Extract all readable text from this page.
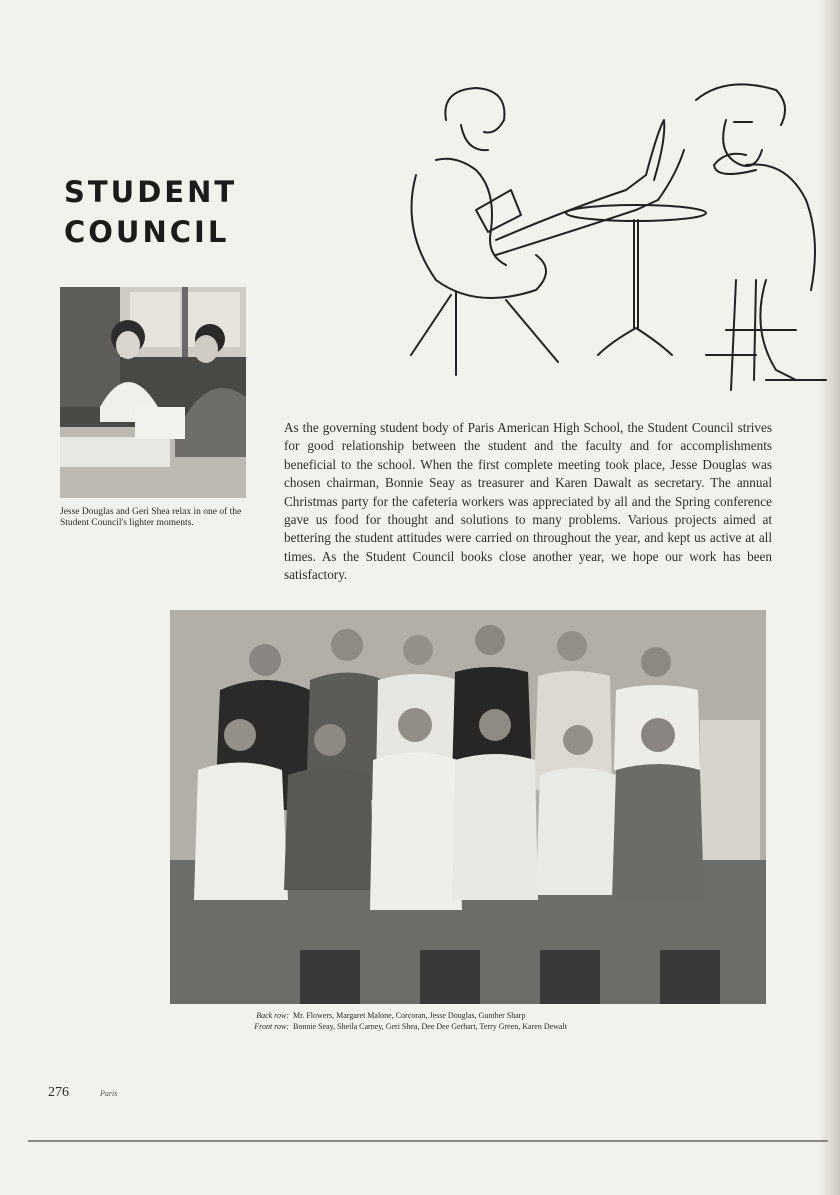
STUDENT
COUNCIL
Jesse Douglas and Geri Shea relax in one of the Student Council's lighter moments.
As the governing student body of Paris American High School, the Student Council strives for good relationship between the student and the faculty and for accomplishments beneficial to the school. When the first complete meeting took place, Jesse Douglas was chosen chairman, Bonnie Seay as treasurer and Karen Dawalt as secretary. The annual Christmas party for the cafeteria workers was appreciated by all and the Spring conference gave us food for thought and solutions to many problems. Various projects aimed at bettering the student attitudes were carried on throughout the year, and kept us active at all times. As the Student Council books close another year, we hope our work has been satisfactory.
Back row: Mr. Flowers, Margaret Malone, Corcoran, Jesse Douglas, Gunther Sharp
Front row: Bonnie Seay, Sheila Carney, Geri Shea, Dee Dee Gerhart, Terry Green, Karen Dewalt
276	Paris
